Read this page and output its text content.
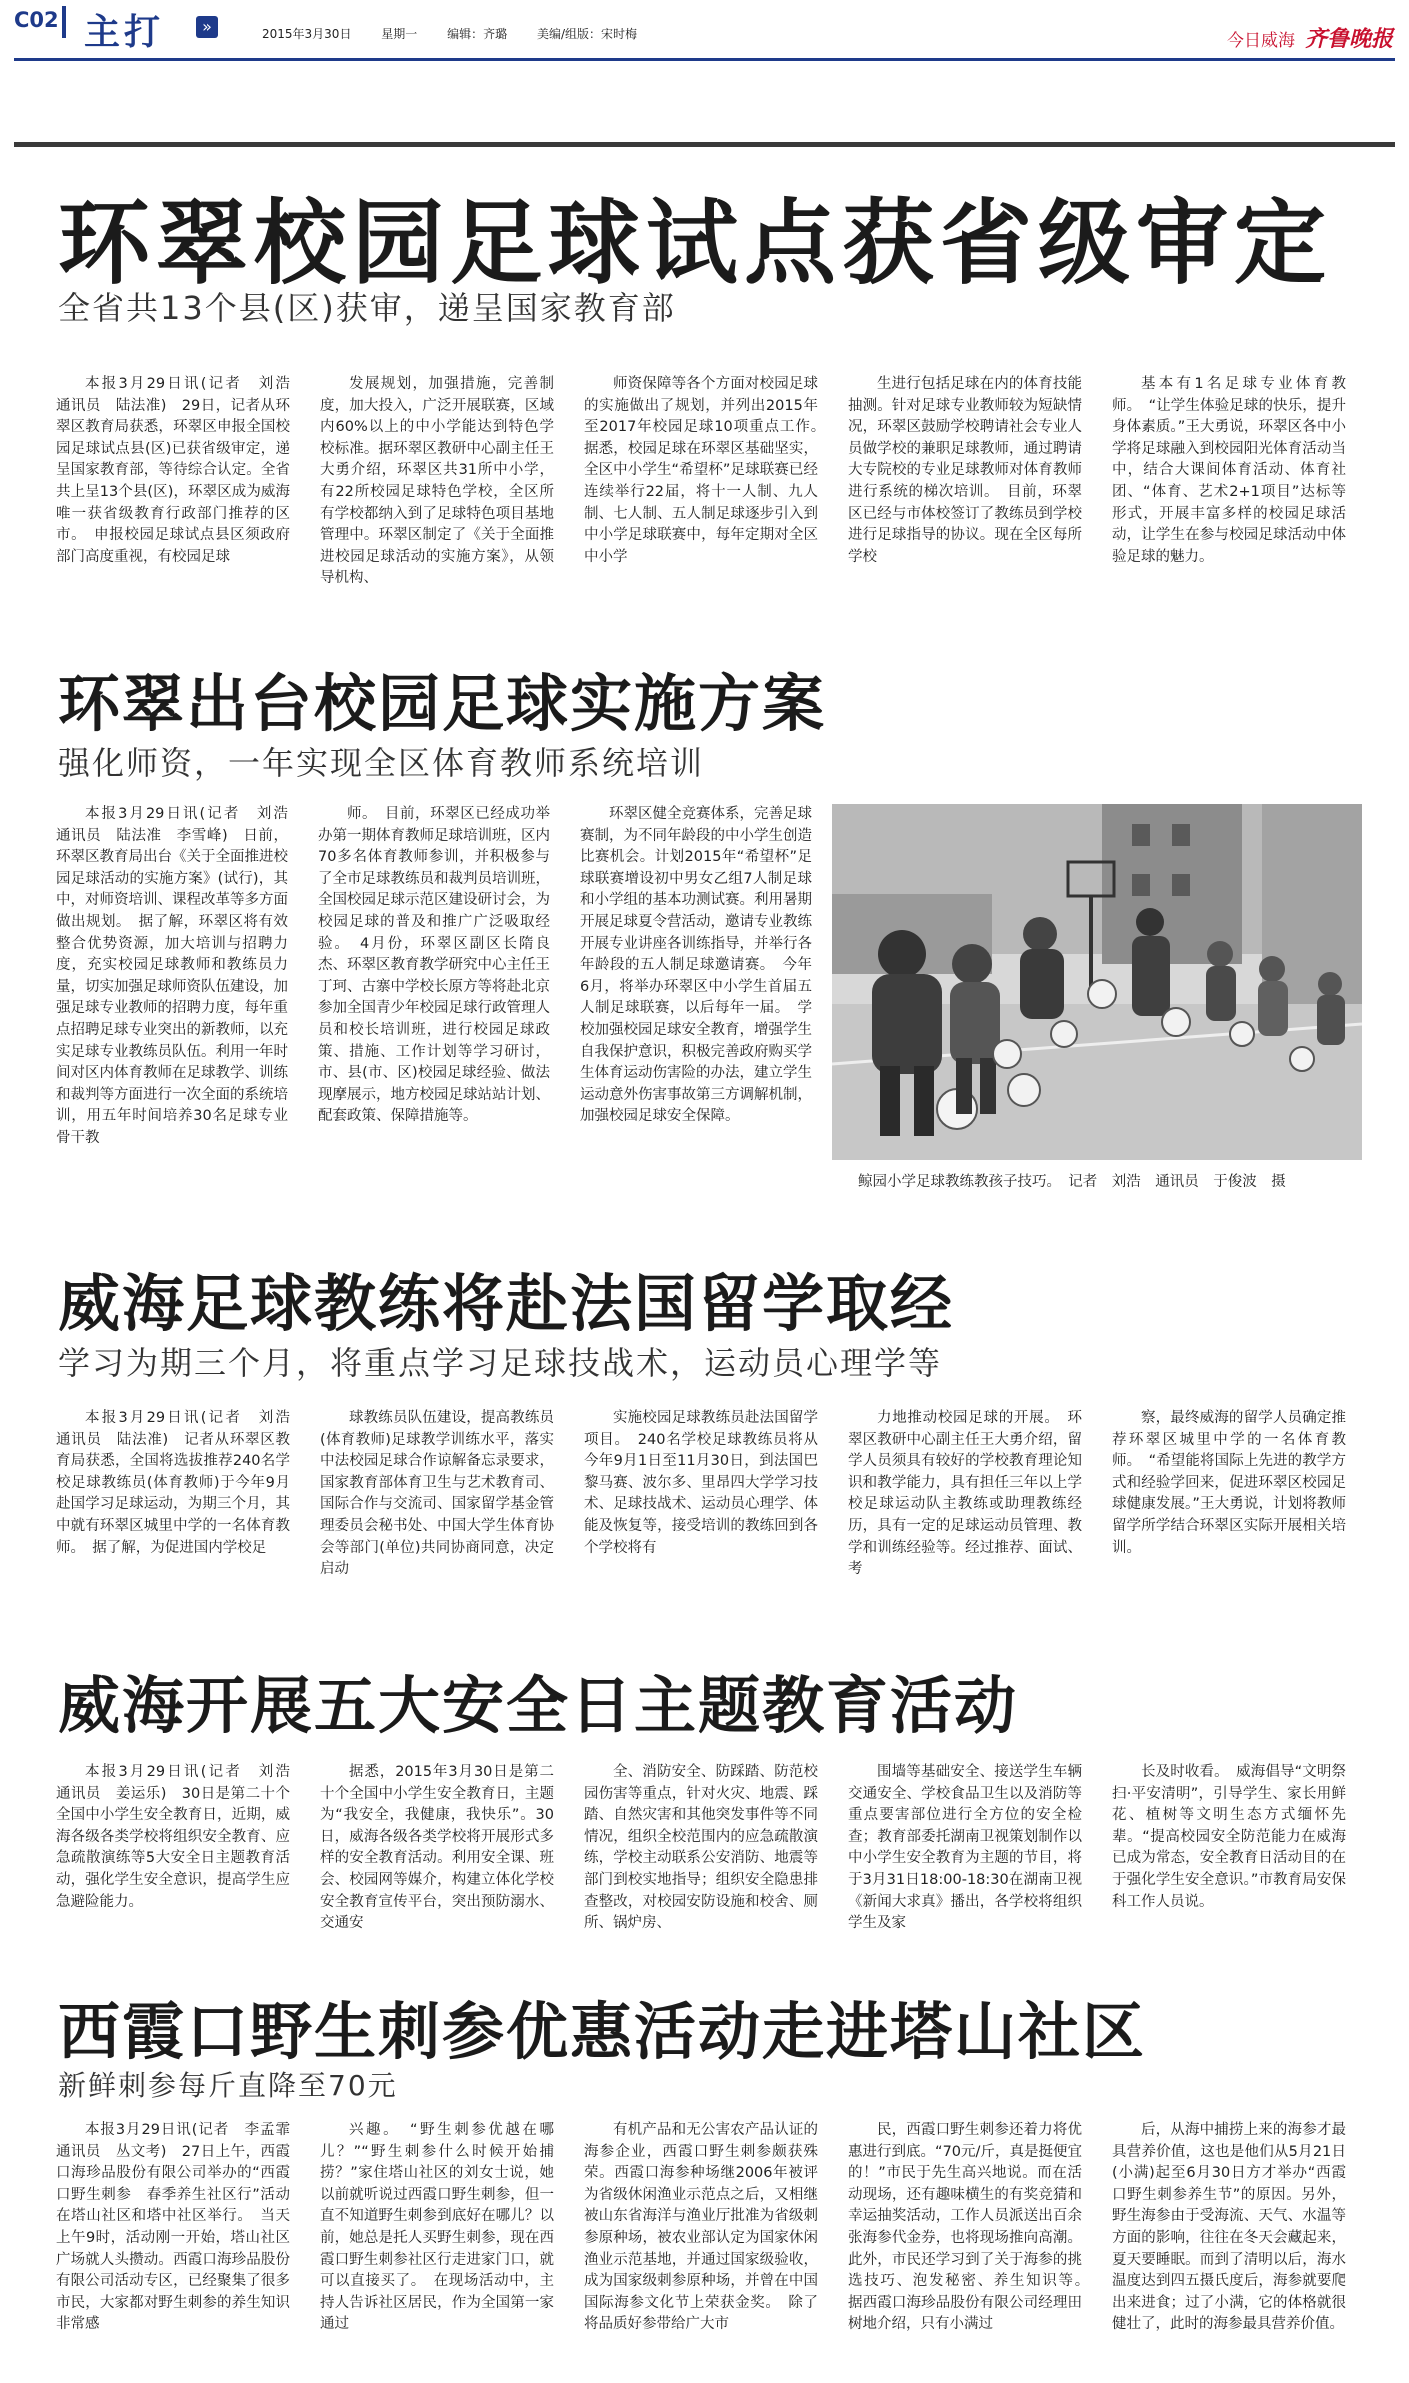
C02 主打	»	2015年3月30日 星期一 编辑：齐璐 美编/组版：宋时梅	今日威海 齐鲁晚报
环翠校园足球试点获省级审定
全省共13个县(区)获审，递呈国家教育部

本报3月29日讯(记者　刘浩　通讯员　陆法准)　29日，记者从环翠区教育局获悉，环翠区申报全国校园足球试点县(区)已获省级审定，递呈国家教育部，等待综合认定。全省共上呈13个县(区)，环翠区成为威海唯一获省级教育行政部门推荐的区市。　申报校园足球试点县区须政府部门高度重视，有校园足球

发展规划，加强措施，完善制度，加大投入，广泛开展联赛，区域内60%以上的中小学能达到特色学校标准。据环翠区教研中心副主任王大勇介绍，环翠区共31所中小学，有22所校园足球特色学校，全区所有学校都纳入到了足球特色项目基地管理中。环翠区制定了《关于全面推进校园足球活动的实施方案》，从领导机构、

师资保障等各个方面对校园足球的实施做出了规划，并列出2015年至2017年校园足球10项重点工作。　据悉，校园足球在环翠区基础坚实，全区中小学生“希望杯”足球联赛已经连续举行22届，将十一人制、九人制、七人制、五人制足球逐步引入到中小学足球联赛中，每年定期对全区中小学

生进行包括足球在内的体育技能抽测。针对足球专业教师较为短缺情况，环翠区鼓励学校聘请社会专业人员做学校的兼职足球教师，通过聘请大专院校的专业足球教师对体育教师进行系统的梯次培训。　目前，环翠区已经与市体校签订了教练员到学校进行足球指导的协议。现在全区每所学校

基本有1名足球专业体育教师。　“让学生体验足球的快乐，提升身体素质。”王大勇说，环翠区各中小学将足球融入到校园阳光体育活动当中，结合大课间体育活动、体育社团、“体育、艺术2+1项目”达标等形式，开展丰富多样的校园足球活动，让学生在参与校园足球活动中体验足球的魅力。

环翠出台校园足球实施方案
强化师资，一年实现全区体育教师系统培训

本报3月29日讯(记者　刘浩　通讯员　陆法准　李雪峰)　日前，环翠区教育局出台《关于全面推进校园足球活动的实施方案》(试行)，其中，对师资培训、课程改革等多方面做出规划。　据了解，环翠区将有效整合优势资源，加大培训与招聘力度，充实校园足球教师和教练员力量，切实加强足球师资队伍建设，加强足球专业教师的招聘力度，每年重点招聘足球专业突出的新教师，以充实足球专业教练员队伍。利用一年时间对区内体育教师在足球教学、训练和裁判等方面进行一次全面的系统培训，用五年时间培养30名足球专业骨干教

师。　目前，环翠区已经成功举办第一期体育教师足球培训班，区内70多名体育教师参训，并积极参与了全市足球教练员和裁判员培训班，全国校园足球示范区建设研讨会，为校园足球的普及和推广广泛吸取经验。　4月份，环翠区副区长隋良杰、环翠区教育教学研究中心主任王丁珂、古寨中学校长原方等将赴北京参加全国青少年校园足球行政管理人员和校长培训班，进行校园足球政策、措施、工作计划等学习研讨，市、县(市、区)校园足球经验、做法现摩展示，地方校园足球站站计划、配套政策、保障措施等。

环翠区健全竞赛体系，完善足球赛制，为不同年龄段的中小学生创造比赛机会。计划2015年“希望杯”足球联赛增设初中男女乙组7人制足球和小学组的基本功测试赛。利用暑期开展足球夏令营活动，邀请专业教练开展专业讲座各训练指导，并举行各年龄段的五人制足球邀请赛。　今年6月，将举办环翠区中小学生首届五人制足球联赛，以后每年一届。　学校加强校园足球安全教育，增强学生自我保护意识，积极完善政府购买学生体育运动伤害险的办法，建立学生运动意外伤害事故第三方调解机制，加强校园足球安全保障。

鲸园小学足球教练教孩子技巧。　记者　刘浩　通讯员　于俊波　摄
威海足球教练将赴法国留学取经
学习为期三个月，将重点学习足球技战术，运动员心理学等

本报3月29日讯(记者　刘浩　通讯员　陆法准)　记者从环翠区教育局获悉，全国将选拔推荐240名学校足球教练员(体育教师)于今年9月赴国学习足球运动，为期三个月，其中就有环翠区城里中学的一名体育教师。　据了解，为促进国内学校足

球教练员队伍建设，提高教练员(体育教师)足球教学训练水平，落实中法校园足球合作谅解备忘录要求，国家教育部体育卫生与艺术教育司、国际合作与交流司、国家留学基金管理委员会秘书处、中国大学生体育协会等部门(单位)共同协商同意，决定启动

实施校园足球教练员赴法国留学项目。　240名学校足球教练员将从今年9月1日至11月30日，到法国巴黎马赛、波尔多、里昂四大学学习技术、足球技战术、运动员心理学、体能及恢复等，接受培训的教练回到各个学校将有

力地推动校园足球的开展。　环翠区教研中心副主任王大勇介绍，留学人员须具有较好的学校教育理论知识和教学能力，具有担任三年以上学校足球运动队主教练或助理教练经历，具有一定的足球运动员管理、教学和训练经验等。经过推荐、面试、考

察，最终威海的留学人员确定推荐环翠区城里中学的一名体育教师。　“希望能将国际上先进的教学方式和经验学回来，促进环翠区校园足球健康发展。”王大勇说，计划将教师留学所学结合环翠区实际开展相关培训。

威海开展五大安全日主题教育活动

本报3月29日讯(记者　刘浩　通讯员　姜运乐)　30日是第二十个全国中小学生安全教育日，近期，威海各级各类学校将组织安全教育、应急疏散演练等5大安全日主题教育活动，强化学生安全意识，提高学生应急避险能力。

据悉，2015年3月30日是第二十个全国中小学生安全教育日，主题为“我安全，我健康，我快乐”。30日，威海各级各类学校将开展形式多样的安全教育活动。利用安全课、班会、校园网等媒介，构建立体化学校安全教育宣传平台，突出预防溺水、交通安

全、消防安全、防踩踏、防范校园伤害等重点，针对火灾、地震、踩踏、自然灾害和其他突发事件等不同情况，组织全校范围内的应急疏散演练，学校主动联系公安消防、地震等部门到校实地指导；组织安全隐患排查整改，对校园安防设施和校舍、厕所、锅炉房、

围墙等基础安全、接送学生车辆交通安全、学校食品卫生以及消防等重点要害部位进行全方位的安全检查；教育部委托湖南卫视策划制作以中小学生安全教育为主题的节目，将于3月31日18:00-18:30在湖南卫视《新闻大求真》播出，各学校将组织学生及家

长及时收看。　威海倡导“文明祭扫·平安清明”，引导学生、家长用鲜花、植树等文明生态方式缅怀先辈。“提高校园安全防范能力在威海已成为常态，安全教育日活动目的在于强化学生安全意识。”市教育局安保科工作人员说。

西霞口野生刺参优惠活动走进塔山社区
新鲜刺参每斤直降至70元

本报3月29日讯(记者　李孟霏　通讯员　丛文考)　27日上午，西霞口海珍品股份有限公司举办的“西霞口野生刺参　春季养生社区行”活动在塔山社区和塔中社区举行。　当天上午9时，活动刚一开始，塔山社区广场就人头攒动。西霞口海珍品股份有限公司活动专区，已经聚集了很多市民，大家都对野生刺参的养生知识非常感

兴趣。　“野生刺参优越在哪儿？”“野生刺参什么时候开始捕捞？”家住塔山社区的刘女士说，她以前就听说过西霞口野生刺参，但一直不知道野生刺参到底好在哪儿？以前，她总是托人买野生刺参，现在西霞口野生刺参社区行走进家门口，就可以直接买了。　在现场活动中，主持人告诉社区居民，作为全国第一家通过

有机产品和无公害农产品认证的海参企业，西霞口野生刺参颇获殊荣。西霞口海参种场继2006年被评为省级休闲渔业示范点之后，又相继被山东省海洋与渔业厅批准为省级刺参原种场，被农业部认定为国家休闲渔业示范基地，并通过国家级验收，成为国家级刺参原种场，并曾在中国国际海参文化节上荣获金奖。　除了将品质好参带给广大市

民，西霞口野生刺参还着力将优惠进行到底。“70元/斤，真是挺便宜的！”市民于先生高兴地说。而在活动现场，还有趣味横生的有奖竞猜和幸运抽奖活动，工作人员派送出百余张海参代金券，也将现场推向高潮。此外，市民还学习到了关于海参的挑选技巧、泡发秘密、养生知识等。　据西霞口海珍品股份有限公司经理田树地介绍，只有小满过

后，从海中捕捞上来的海参才最具营养价值，这也是他们从5月21日(小满)起至6月30日方才举办“西霞口野生刺参养生节”的原因。另外，野生海参由于受海流、天气、水温等方面的影响，往往在冬天会藏起来，夏天要睡眠。而到了清明以后，海水温度达到四五摄氏度后，海参就要爬出来进食；过了小满，它的体格就很健壮了，此时的海参最具营养价值。
